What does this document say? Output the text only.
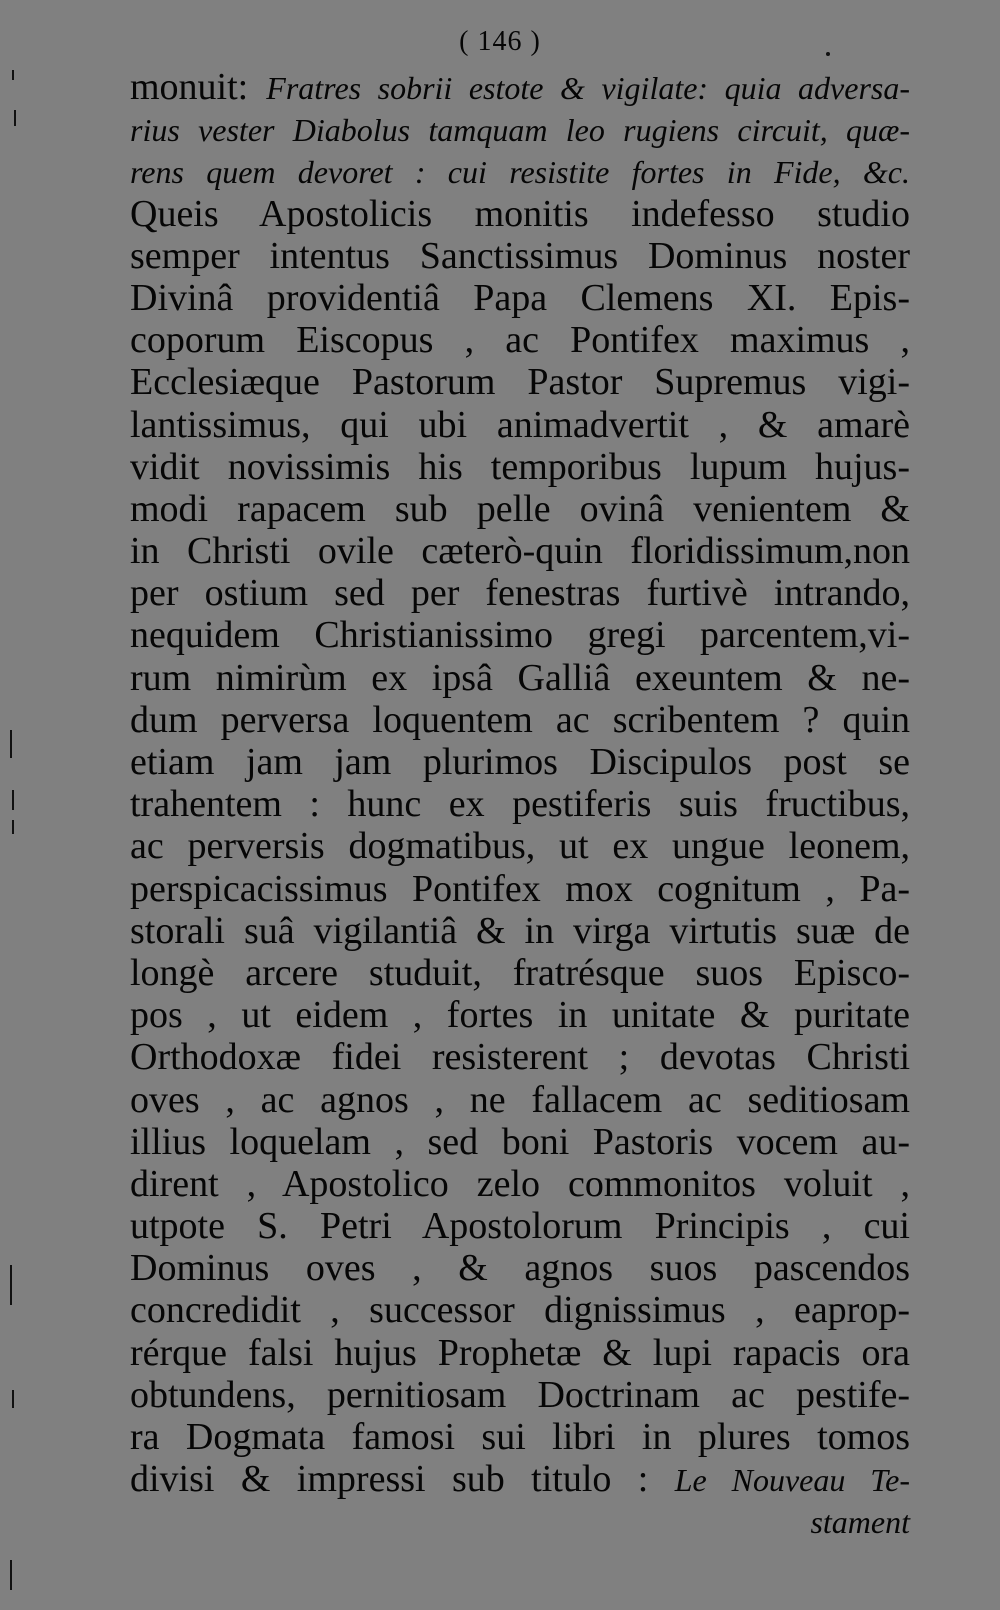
( 146 )
monuit: Fratres sobrii estote & vigilate: quia adversa-
rius vester Diabolus tamquam leo rugiens circuit, quæ-
rens quem devoret : cui resistite fortes in Fide, &c.
Queis Apostolicis monitis indefesso studio
semper intentus Sanctissimus Dominus noster
Divinâ providentiâ Papa Clemens XI. Epis-
coporum Eiscopus , ac Pontifex maximus ,
Ecclesiæque Pastorum Pastor Supremus vigi-
lantissimus, qui ubi animadvertit , & amarè
vidit novissimis his temporibus lupum hujus-
modi rapacem sub pelle ovinâ venientem &
in Christi ovile cæterò-quin floridissimum,non
per ostium sed per fenestras furtivè intrando,
nequidem Christianissimo gregi parcentem,vi-
rum nimirùm ex ipsâ Galliâ exeuntem & ne-
dum perversa loquentem ac scribentem ? quin
etiam jam jam plurimos Discipulos post se
trahentem : hunc ex pestiferis suis fructibus,
ac perversis dogmatibus, ut ex ungue leonem,
perspicacissimus Pontifex mox cognitum , Pa-
storali suâ vigilantiâ & in virga virtutis suæ de
longè arcere studuit, fratrésque suos Episco-
pos , ut eidem , fortes in unitate & puritate
Orthodoxæ fidei resisterent ; devotas Christi
oves , ac agnos , ne fallacem ac seditiosam
illius loquelam , sed boni Pastoris vocem au-
dirent , Apostolico zelo commonitos voluit ,
utpote S. Petri Apostolorum Principis , cui
Dominus oves , & agnos suos pascendos
concredidit , successor dignissimus , eaprop-
rérque falsi hujus Prophetæ & lupi rapacis ora
obtundens, pernitiosam Doctrinam ac pestife-
ra Dogmata famosi sui libri in plures tomos
divisi & impressi sub titulo : Le Nouveau Te-
stament
